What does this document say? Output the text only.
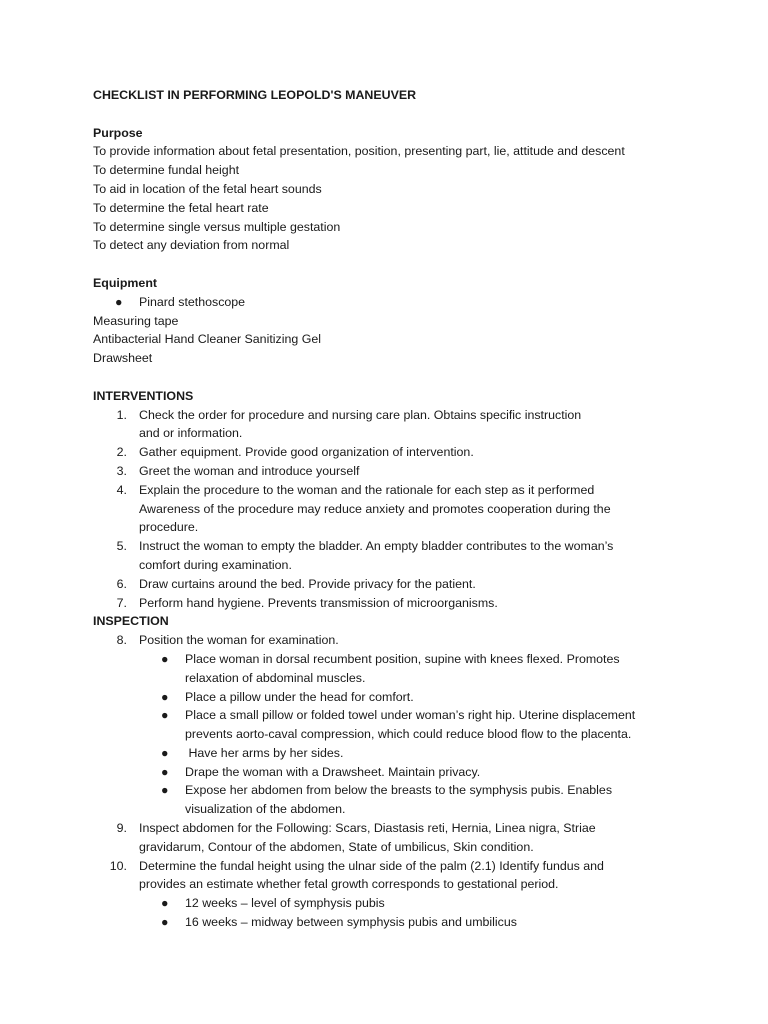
CHECKLIST IN PERFORMING LEOPOLD'S MANEUVER
Purpose
To provide information about fetal presentation, position, presenting part, lie, attitude and descent
To determine fundal height
To aid in location of the fetal heart sounds
To determine the fetal heart rate
To determine single versus multiple gestation
To detect any deviation from normal
Equipment
● Pinard stethoscope
Measuring tape
Antibacterial Hand Cleaner Sanitizing Gel
Drawsheet
INTERVENTIONS
1. Check the order for procedure and nursing care plan. Obtains specific instruction
and or information.
2. Gather equipment. Provide good organization of intervention.
3. Greet the woman and introduce yourself
4. Explain the procedure to the woman and the rationale for each step as it performed
Awareness of the procedure may reduce anxiety and promotes cooperation during the
procedure.
5. Instruct the woman to empty the bladder. An empty bladder contributes to the woman’s
comfort during examination.
6. Draw curtains around the bed. Provide privacy for the patient.
7. Perform hand hygiene. Prevents transmission of microorganisms.
INSPECTION
8. Position the woman for examination.
● Place woman in dorsal recumbent position, supine with knees flexed. Promotes
relaxation of abdominal muscles.
● Place a pillow under the head for comfort.
● Place a small pillow or folded towel under woman’s right hip. Uterine displacement
prevents aorto-caval compression, which could reduce blood flow to the placenta.
● Have her arms by her sides.
● Drape the woman with a Drawsheet. Maintain privacy.
● Expose her abdomen from below the breasts to the symphysis pubis. Enables
visualization of the abdomen.
9. Inspect abdomen for the Following: Scars, Diastasis reti, Hernia, Linea nigra, Striae
gravidarum, Contour of the abdomen, State of umbilicus, Skin condition.
10. Determine the fundal height using the ulnar side of the palm (2.1) Identify fundus and
provides an estimate whether fetal growth corresponds to gestational period.
● 12 weeks – level of symphysis pubis
● 16 weeks – midway between symphysis pubis and umbilicus
